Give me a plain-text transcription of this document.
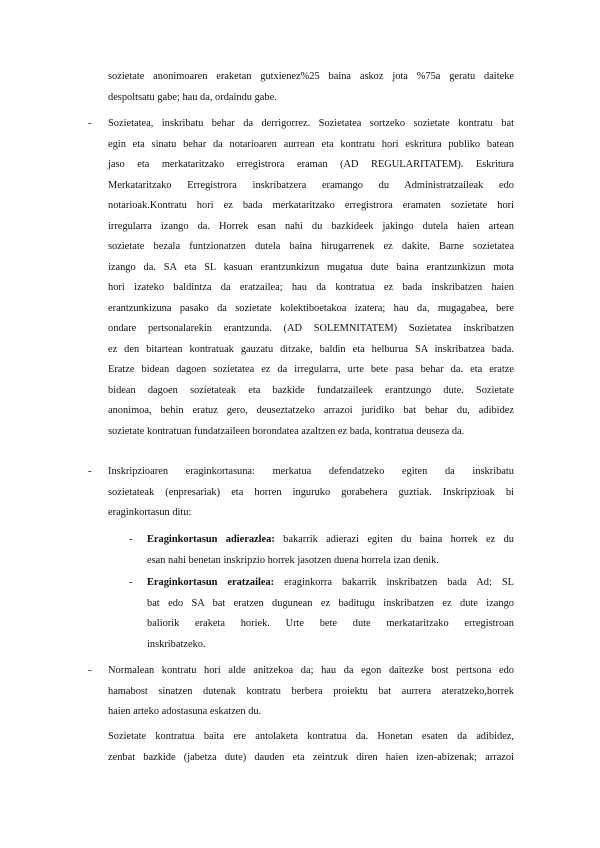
sozietate anonimoaren eraketan gutxienez%25 baina askoz jota %75a geratu daiteke
despoltsatu gabe; hau da, ordaindu gabe.
- Sozietatea, inskribatu behar da derrigorrez. Sozietatea sortzeko sozietate kontratu bat
egin eta sinatu behar da notarioaren aurrean eta kontratu hori eskritura publiko batean
jaso eta merkataritzako erregistrora eraman (AD REGULARITATEM). Eskritura
Merkataritzako Erregistrora inskribatzera eramango du Administratzaileak edo
notarioak.Kontratu hori ez bada merkataritzako erregistrora eramaten sozietate hori
irregularra izango da. Horrek esan nahi du bazkideek jakingo dutela haien artean
sozietate bezala funtzionatzen dutela baina hirugarrenek ez dakite. Barne sozietatea
izango da. SA eta SL kasuan erantzunkizun mugatua dute baina erantzunkizun mota
hori izateko baldintza da eratzailea; hau da kontratua ez bada inskribatzen haien
erantzunkizuna pasako da sozietate kolektiboetakoa izatera; hau da, mugagabea, bere
ondare pertsonalarekin erantzunda. (AD SOLEMNITATEM) Sozietatea inskribatzen
ez den bitartean kontratuak gauzatu ditzake, baldin eta helburua SA inskribatzea bada.
Eratze bidean dagoen sozietatea ez da irregularra, urte bete pasa behar da. eta eratze
bidean dagoen sozietateak eta bazkide fundatzaileek erantzungo dute. Sozietate
anonimoa, behin eratuz gero, deuseztatzeko arrazoi juridiko bat behar du, adibidez
sozietate kontratuan fundatzaileen borondatea azaltzen ez bada, kontratua deuseza da.
- Inskripzioaren eraginkortasuna: merkatua defendatzeko egiten da inskribatu
sozietateak (enpresariak) eta horren inguruko gorabehera guztiak. Inskripzioak bi
eraginkortasun ditu:
- Eraginkortasun adierazlea: bakarrik adierazi egiten du baina horrek ez du
esan nahi benetan inskripzio horrek jasotzen duena horrela izan denik.
- Eraginkortasun eratzailea: eraginkorra bakarrik inskribatzen bada Ad: SL
bat edo SA bat eratzen dugunean ez baditugu inskribatzen ez dute izango
baliorik eraketa horiek. Urte bete dute merkataritzako erregistroan
inskribatzeko.
- Normalean kontratu hori alde anitzekoa da; hau da egon daitezke bost pertsona edo
hamabost sinatzen dutenak kontratu berbera proiektu bat aurrera ateratzeko,horrek
haien arteko adostasuna eskatzen du.
Sozietate kontratua baita ere antolaketa kontratua da. Honetan esaten da adibidez,
zenbat bazkide (jabetza dute) dauden eta zeintzuk diren haien izen-abizenak; arrazoi
